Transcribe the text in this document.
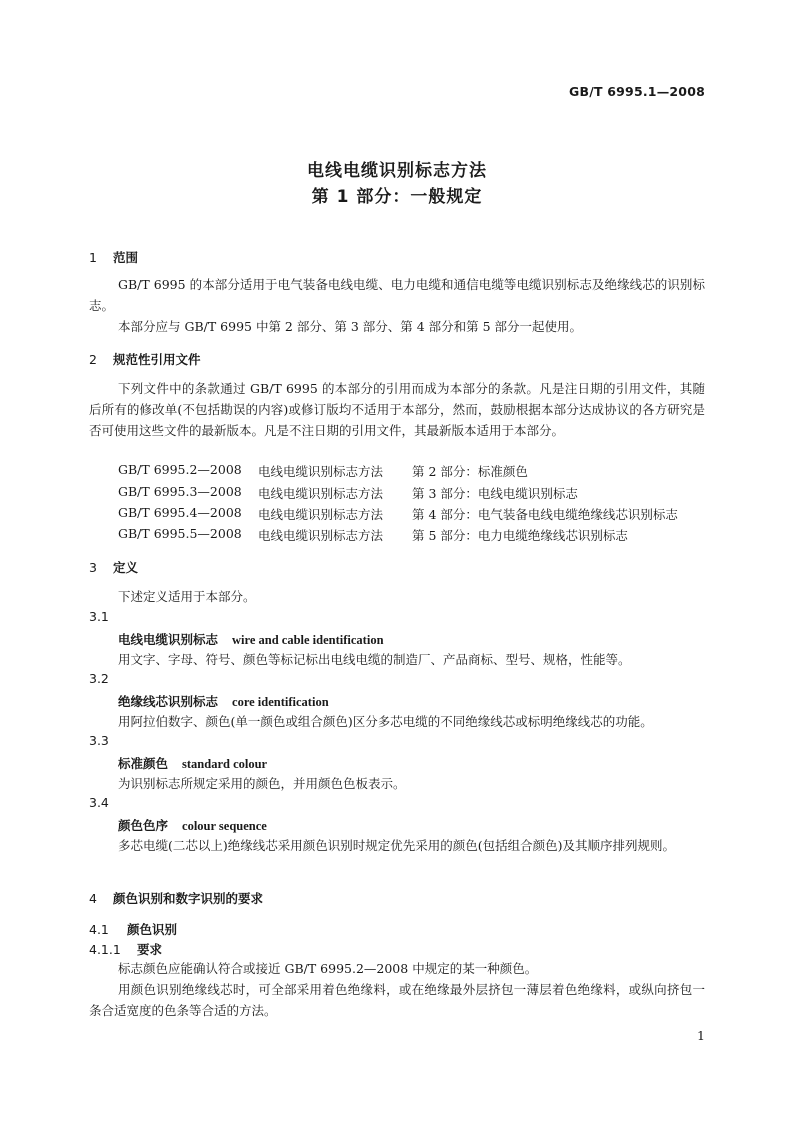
GB/T 6995.1—2008
电线电缆识别标志方法
第 1 部分：一般规定
1 范围
GB/T 6995 的本部分适用于电气装备电线电缆、电力电缆和通信电缆等电缆识别标志及绝缘线芯的识别标志。
本部分应与 GB/T 6995 中第 2 部分、第 3 部分、第 4 部分和第 5 部分一起使用。
2 规范性引用文件
下列文件中的条款通过 GB/T 6995 的本部分的引用而成为本部分的条款。凡是注日期的引用文件，其随后所有的修改单(不包括勘误的内容)或修订版均不适用于本部分，然而，鼓励根据本部分达成协议的各方研究是否可使用这些文件的最新版本。凡是不注日期的引用文件，其最新版本适用于本部分。
GB/T 6995.2—2008 电线电缆识别标志方法 第 2 部分：标准颜色
GB/T 6995.3—2008 电线电缆识别标志方法 第 3 部分：电线电缆识别标志
GB/T 6995.4—2008 电线电缆识别标志方法 第 4 部分：电气装备电线电缆绝缘线芯识别标志
GB/T 6995.5—2008 电线电缆识别标志方法 第 5 部分：电力电缆绝缘线芯识别标志
3 定义
下述定义适用于本部分。
3.1
电线电缆识别标志 wire and cable identification
用文字、字母、符号、颜色等标记标出电线电缆的制造厂、产品商标、型号、规格，性能等。
3.2
绝缘线芯识别标志 core identification
用阿拉伯数字、颜色(单一颜色或组合颜色)区分多芯电缆的不同绝缘线芯或标明绝缘线芯的功能。
3.3
标准颜色 standard colour
为识别标志所规定采用的颜色，并用颜色色板表示。
3.4
颜色色序 colour sequence
多芯电缆(二芯以上)绝缘线芯采用颜色识别时规定优先采用的颜色(包括组合颜色)及其顺序排列规则。
4 颜色识别和数字识别的要求
4.1 颜色识别
4.1.1 要求
标志颜色应能确认符合或接近 GB/T 6995.2—2008 中规定的某一种颜色。
用颜色识别绝缘线芯时，可全部采用着色绝缘料，或在绝缘最外层挤包一薄层着色绝缘料，或纵向挤包一条合适宽度的色条等合适的方法。
1
